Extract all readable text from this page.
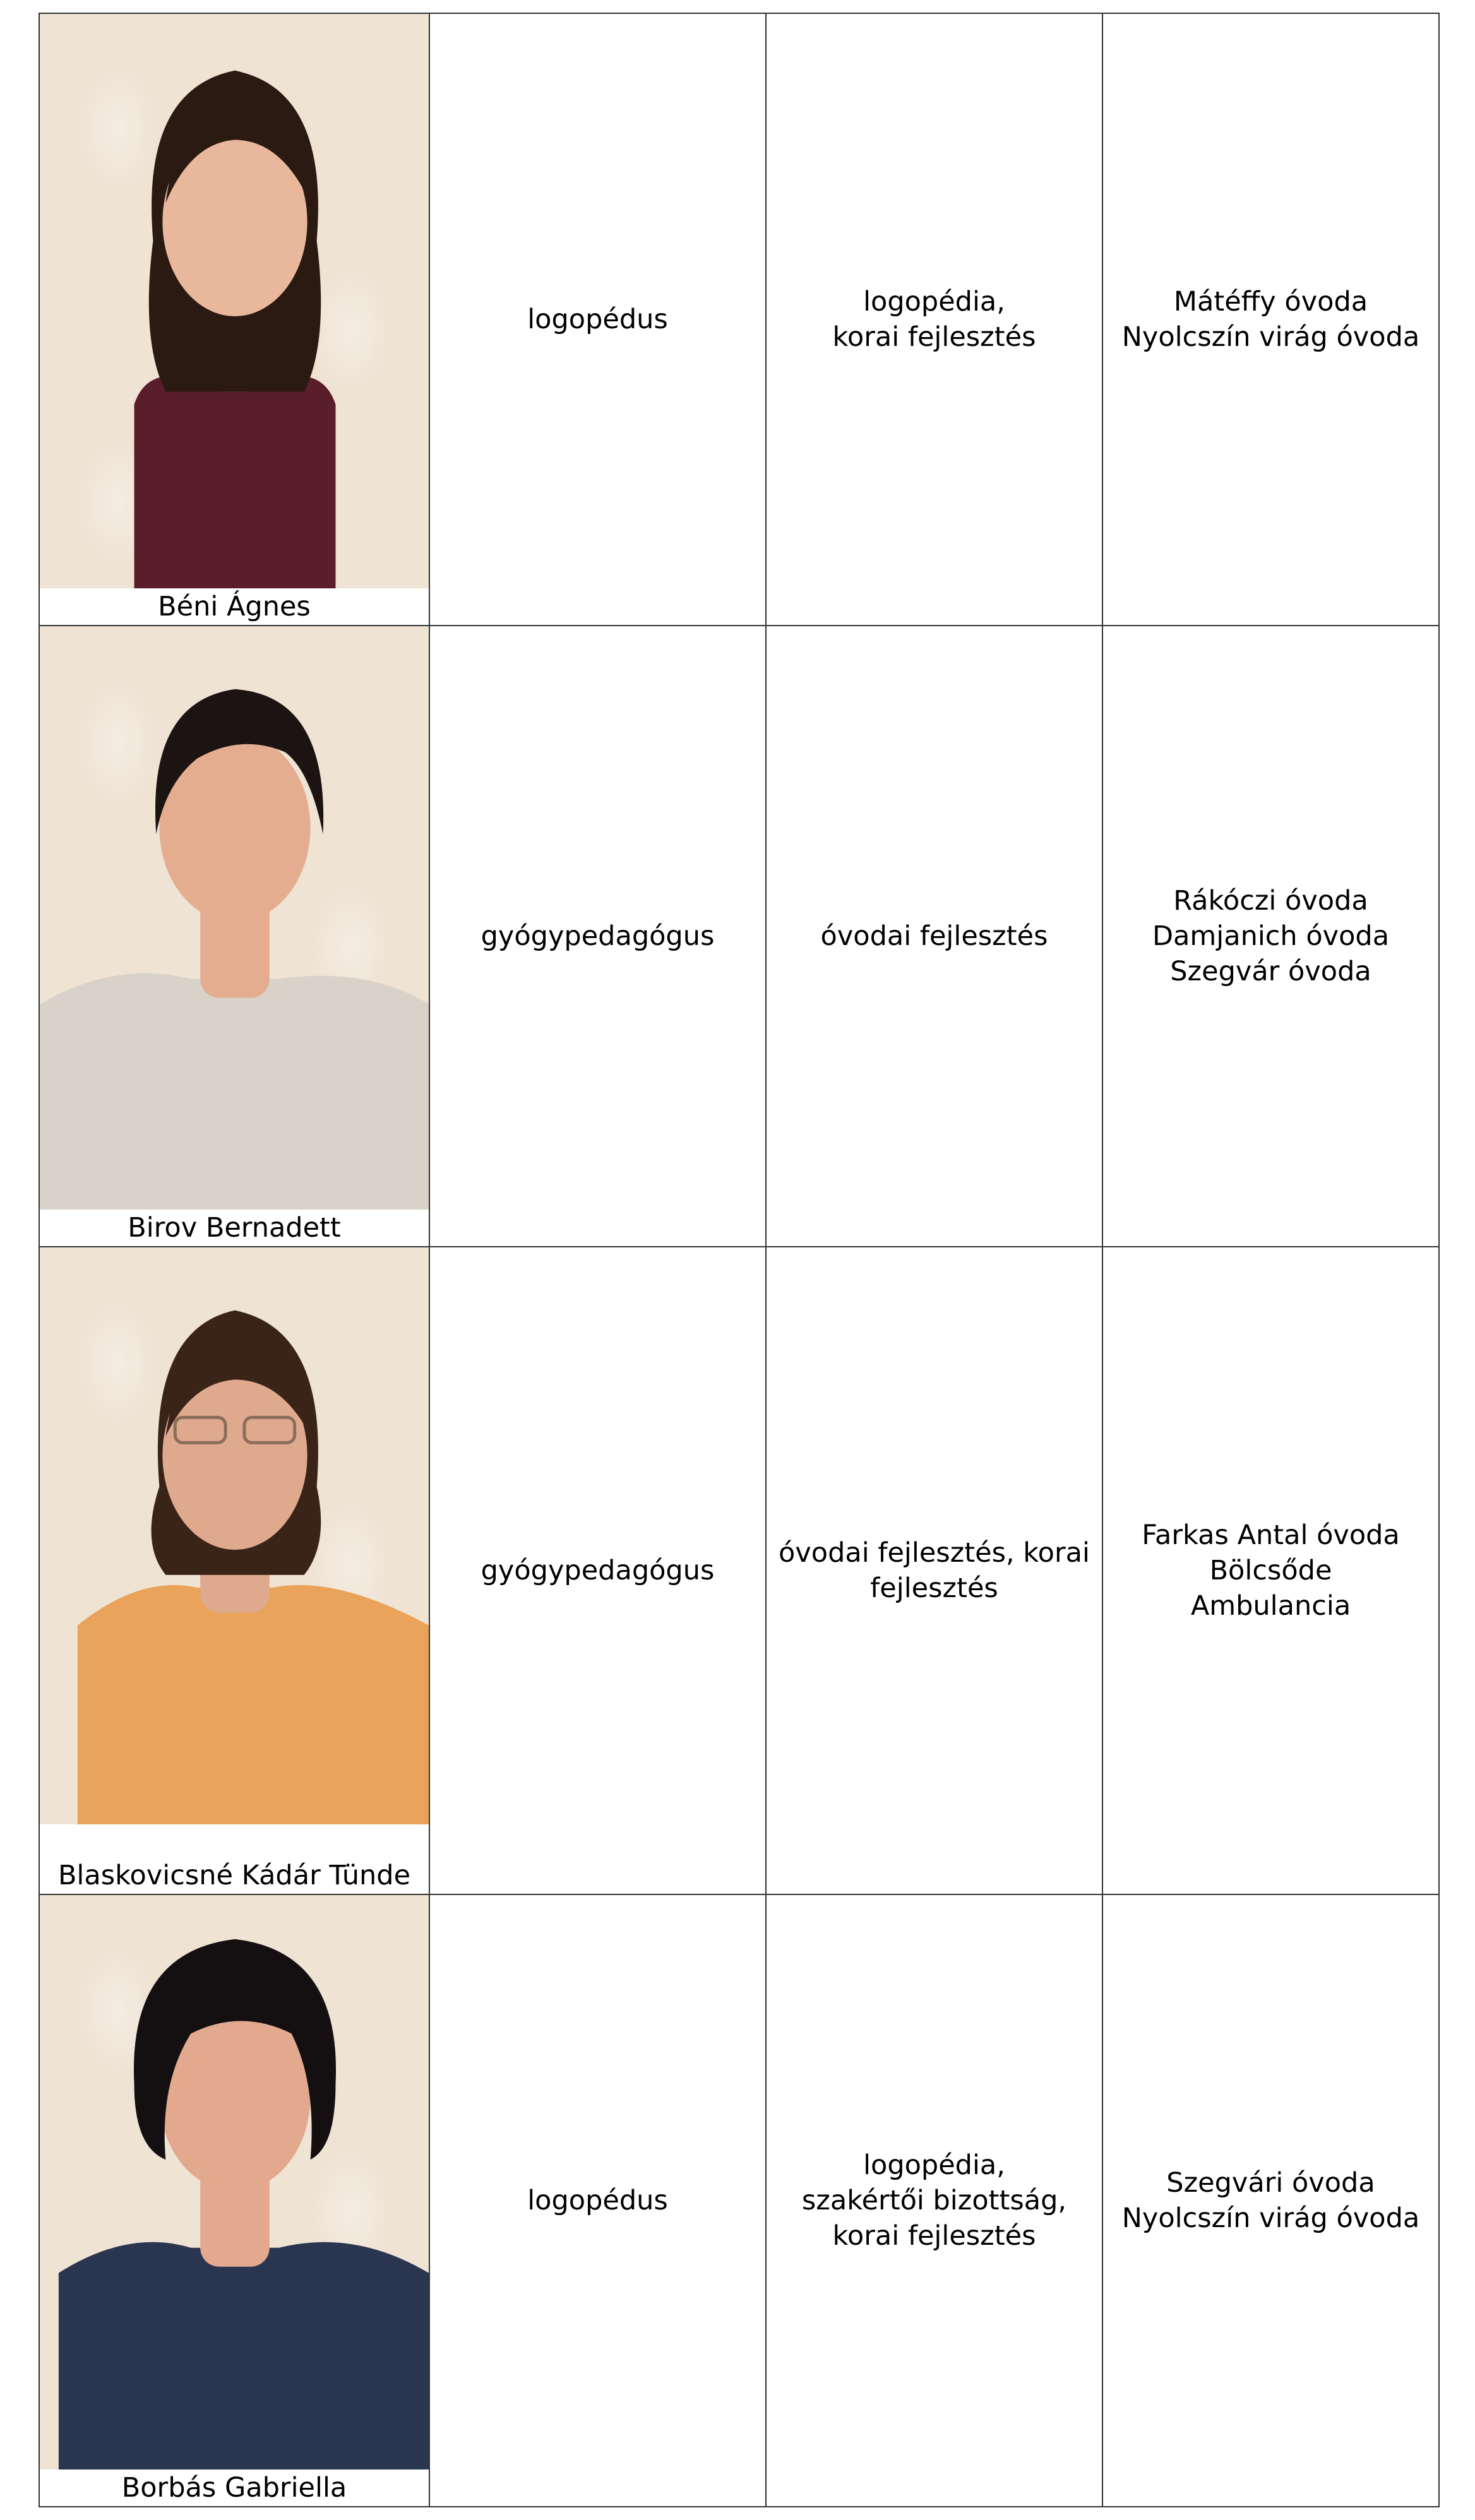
Béni Ágnes	logopédus	logopédia,
korai fejlesztés	Mátéffy óvoda
Nyolcszín virág óvoda

Birov Bernadett	gyógypedagógus	óvodai fejlesztés	Rákóczi óvoda
Damjanich óvoda
Szegvár óvoda

Blaskovicsné Kádár Tünde	gyógypedagógus	óvodai fejlesztés, korai
fejlesztés	Farkas Antal óvoda
Bölcsőde
Ambulancia

Borbás Gabriella	logopédus	logopédia,
szakértői bizottság,
korai fejlesztés	Szegvári óvoda
Nyolcszín virág óvoda
